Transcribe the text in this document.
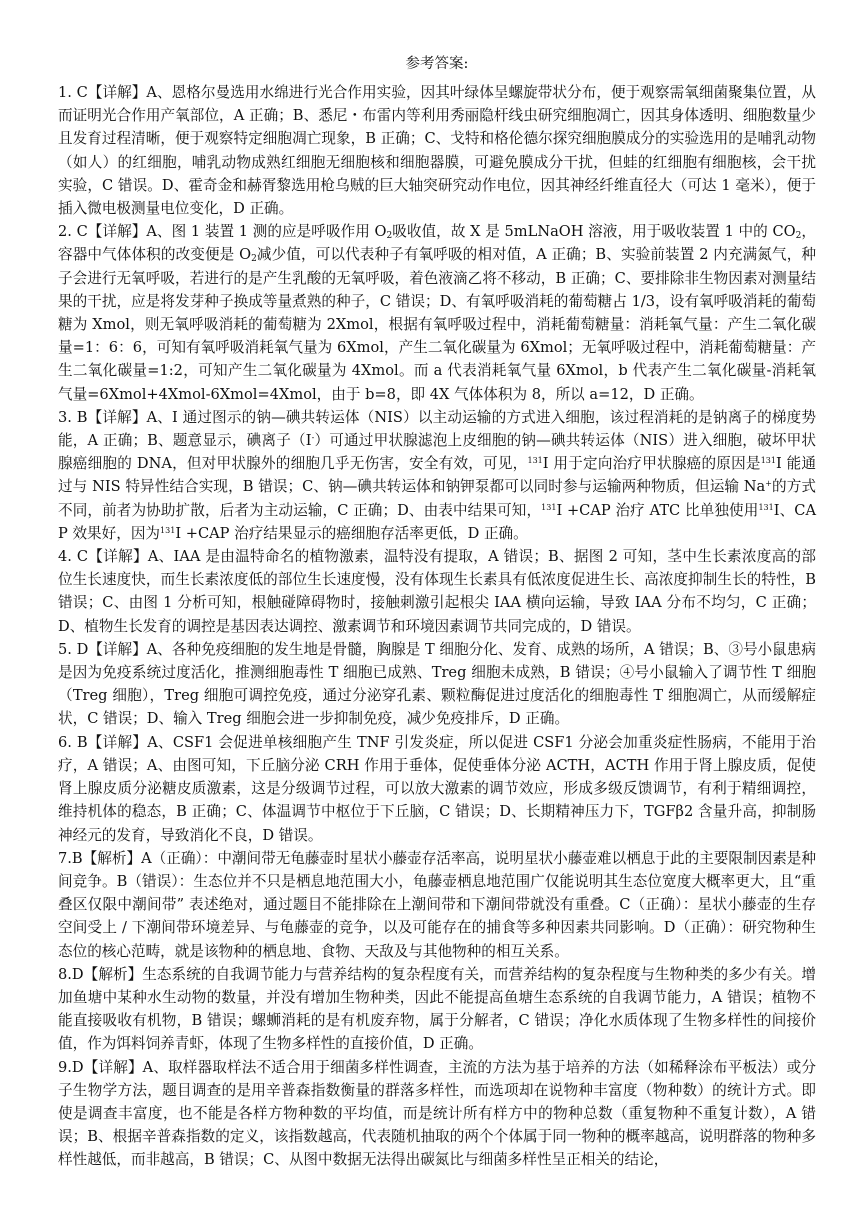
参考答案:

1. C【详解】A、恩格尔曼选用水绵进行光合作用实验，因其叶绿体呈螺旋带状分布，便于观察需氧细菌聚集位置，从而证明光合作用产氧部位，A 正确；B、悉尼・布雷内等利用秀丽隐杆线虫研究细胞凋亡，因其身体透明、细胞数量少且发育过程清晰，便于观察特定细胞凋亡现象，B 正确；C、戈特和格伦德尔探究细胞膜成分的实验选用的是哺乳动物（如人）的红细胞，哺乳动物成熟红细胞无细胞核和细胞器膜，可避免膜成分干扰，但蛙的红细胞有细胞核，会干扰实验，C 错误。D、霍奇金和赫胥黎选用枪乌贼的巨大轴突研究动作电位，因其神经纤维直径大（可达 1 毫米），便于插入微电极测量电位变化，D 正确。

2. C【详解】A、图 1 装置 1 测的应是呼吸作用 $O_2$吸收值，故 X 是 5mLNaOH 溶液，用于吸收装置 1 中的 $CO_2$，容器中气体体积的改变便是 $O_2$减少值，可以代表种子有氧呼吸的相对值，A 正确；B、实验前装置 2 内充满氮气，种子会进行无氧呼吸，若进行的是产生乳酸的无氧呼吸，着色液滴乙将不移动，B 正确；C、要排除非生物因素对测量结果的干扰，应是将发芽种子换成等量煮熟的种子，C 错误；D、有氧呼吸消耗的葡萄糖占 1/3，设有氧呼吸消耗的葡萄糖为 Xmol，则无氧呼吸消耗的葡萄糖为 2Xmol，根据有氧呼吸过程中，消耗葡萄糖量：消耗氧气量：产生二氧化碳量=1：6：6，可知有氧呼吸消耗氧气量为 6Xmol，产生二氧化碳量为 6Xmol；无氧呼吸过程中，消耗葡萄糖量：产生二氧化碳量=1:2，可知产生二氧化碳量为 4Xmol。而 a 代表消耗氧气量 6Xmol，b 代表产生二氧化碳量-消耗氧气量=6Xmol+4Xmol-6Xmol=4Xmol，由于 b=8，即 4X 气体体积为 8，所以 a=12，D 正确。

3. B【详解】A、I 通过图示的钠—碘共转运体（NIS）以主动运输的方式进入细胞，该过程消耗的是钠离子的梯度势能，A 正确；B、题意显示，碘离子（I-）可通过甲状腺滤泡上皮细胞的钠—碘共转运体（NIS）进入细胞，破坏甲状腺癌细胞的 DNA，但对甲状腺外的细胞几乎无伤害，安全有效，可见，$^{131}$I 用于定向治疗甲状腺癌的原因是$^{131}$I 能通过与 NIS 特异性结合实现，B 错误；C、钠—碘共转运体和钠钾泵都可以同时参与运输两种物质，但运输 Na+的方式不同，前者为协助扩散，后者为主动运输，C 正确；D、由表中结果可知，$^{131}$I +CAP 治疗 ATC 比单独使用$^{131}$I、CAP 效果好，因为$^{131}$I +CAP 治疗结果显示的癌细胞存活率更低，D 正确。

4. C【详解】A、IAA 是由温特命名的植物激素，温特没有提取，A 错误；B、据图 2 可知，茎中生长素浓度高的部位生长速度快，而生长素浓度低的部位生长速度慢，没有体现生长素具有低浓度促进生长、高浓度抑制生长的特性，B 错误；C、由图 1 分析可知，根触碰障碍物时，接触刺激引起根尖 IAA 横向运输，导致 IAA 分布不均匀，C 正确；D、植物生长发育的调控是基因表达调控、激素调节和环境因素调节共同完成的，D 错误。

5. D【详解】A、各种免疫细胞的发生地是骨髓，胸腺是 T 细胞分化、发育、成熟的场所，A 错误；B、③号小鼠患病是因为免疫系统过度活化，推测细胞毒性 T 细胞已成熟、Treg 细胞未成熟，B 错误；④号小鼠输入了调节性 T 细胞（Treg 细胞），Treg 细胞可调控免疫，通过分泌穿孔素、颗粒酶促进过度活化的细胞毒性 T 细胞凋亡，从而缓解症状，C 错误；D、输入 Treg 细胞会进一步抑制免疫，减少免疫排斥，D 正确。

6. B【详解】A、CSF1 会促进单核细胞产生 TNF 引发炎症，所以促进 CSF1 分泌会加重炎症性肠病，不能用于治疗，A 错误；A、由图可知，下丘脑分泌 CRH 作用于垂体，促使垂体分泌 ACTH，ACTH 作用于肾上腺皮质，促使肾上腺皮质分泌糖皮质激素，这是分级调节过程，可以放大激素的调节效应，形成多级反馈调节，有利于精细调控，维持机体的稳态，B 正确；C、体温调节中枢位于下丘脑，C 错误；D、长期精神压力下，TGFβ2 含量升高，抑制肠神经元的发育，导致消化不良，D 错误。

7.B【解析】A（正确）：中潮间带无龟藤壶时星状小藤壶存活率高，说明星状小藤壶难以栖息于此的主要限制因素是种间竞争。B（错误）：生态位并不只是栖息地范围大小，龟藤壶栖息地范围广仅能说明其生态位宽度大概率更大，且“重叠区仅限中潮间带” 表述绝对，通过题目不能排除在上潮间带和下潮间带就没有重叠。C（正确）：星状小藤壶的生存空间受上 / 下潮间带环境差异、与龟藤壶的竞争，以及可能存在的捕食等多种因素共同影响。D（正确）：研究物种生态位的核心范畴，就是该物种的栖息地、食物、天敌及与其他物种的相互关系。

8.D【解析】生态系统的自我调节能力与营养结构的复杂程度有关，而营养结构的复杂程度与生物种类的多少有关。增加鱼塘中某种水生动物的数量，并没有增加生物种类，因此不能提高鱼塘生态系统的自我调节能力，A 错误；植物不能直接吸收有机物，B 错误；螺蛳消耗的是有机废弃物，属于分解者，C 错误；净化水质体现了生物多样性的间接价值，作为饵料饲养青虾，体现了生物多样性的直接价值，D 正确。

9.D【详解】A、取样器取样法不适合用于细菌多样性调查，主流的方法为基于培养的方法（如稀释涂布平板法）或分子生物学方法，题目调查的是用辛普森指数衡量的群落多样性，而选项却在说物种丰富度（物种数）的统计方式。即使是调查丰富度，也不能是各样方物种数的平均值，而是统计所有样方中的物种总数（重复物种不重复计数），A 错误；B、根据辛普森指数的定义，该指数越高，代表随机抽取的两个个体属于同一物种的概率越高，说明群落的物种多样性越低，而非越高，B 错误；C、从图中数据无法得出碳氮比与细菌多样性呈正相关的结论，
